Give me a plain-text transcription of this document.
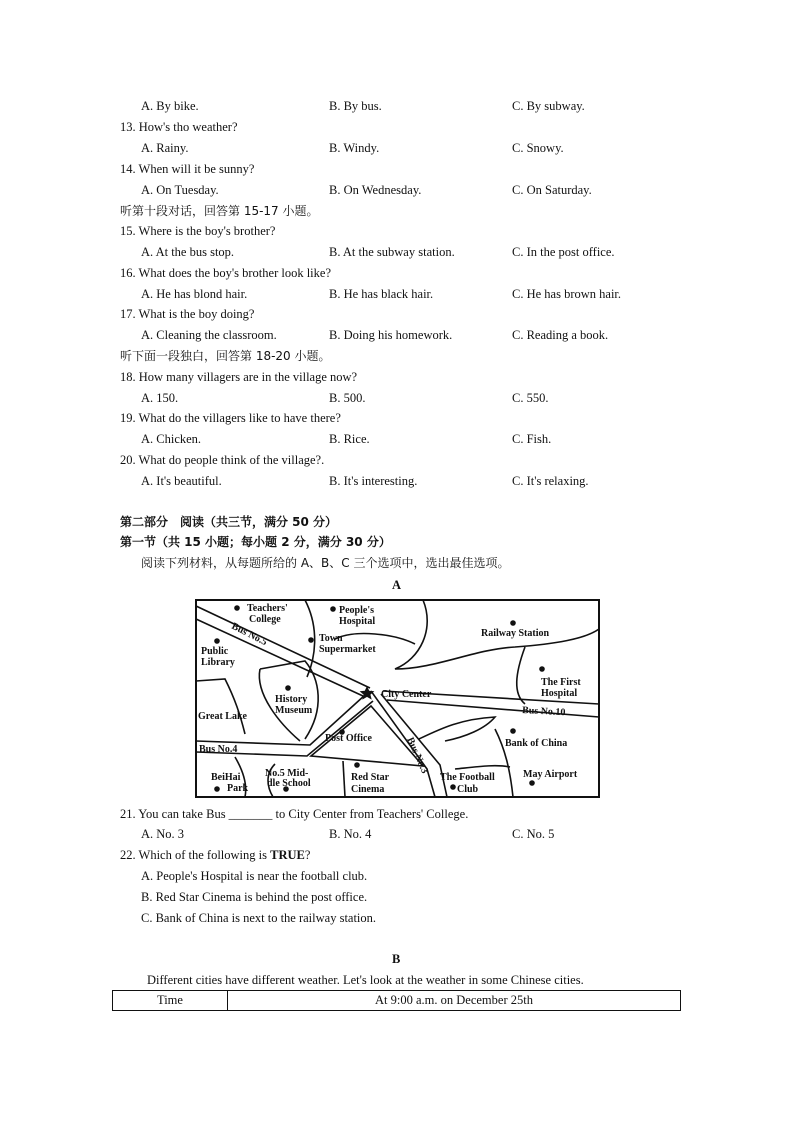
A. By bike.	B. By bus.	C. By subway.
13. How's tho weather?
A. Rainy.	B. Windy.	C. Snowy.
14. When will it be sunny?
A. On Tuesday.	B. On Wednesday.	C. On Saturday.
听第十段对话，回答第 15-17 小题。
15. Where is the boy's brother?
A. At the bus stop.	B. At the subway station.	C. In the post office.
16. What does the boy's brother look like?
A. He has blond hair.	B. He has black hair.	C. He has brown hair.
17. What is the boy doing?
A. Cleaning the classroom.	B. Doing his homework.	C. Reading a book.
听下面一段独白，回答第 18-20 小题。
18. How many villagers are in the village now?
A. 150.	B. 500.	C. 550.
19. What do the villagers like to have there?
A. Chicken.	B. Rice.	C. Fish.
20. What do people think of the village?.
A. It's beautiful.	B. It's interesting.	C. It's relaxing.
第二部分　阅读（共三节，满分 50 分）
第一节（共 15 小题；每小题 2 分，满分 30 分）
阅读下列材料，从每题所给的 A、B、C 三个选项中，选出最佳选项。
A
Teachers'
College
People's
Hospital
Railway Station
Bus No.5	Town
Supermarket
Public
Library
The First
Hospital
History
Museum
City Center
Great Lake	Bus No.10
Post Office	Bank of China
Bus No.4	Bus No.3
BeiHai
Park
No.5 Mid-
dle School
Red Star
Cinema
The Football
Club
May Airport
21. You can take Bus _______ to City Center from Teachers' College.
A. No. 3	B. No. 4	C. No. 5
22. Which of the following is TRUE?
A. People's Hospital is near the football club.
B. Red Star Cinema is behind the post office.
C. Bank of China is next to the railway station.
B
Different cities have different weather. Let's look at the weather in some Chinese cities.
Time	At 9:00 a.m. on December 25th
